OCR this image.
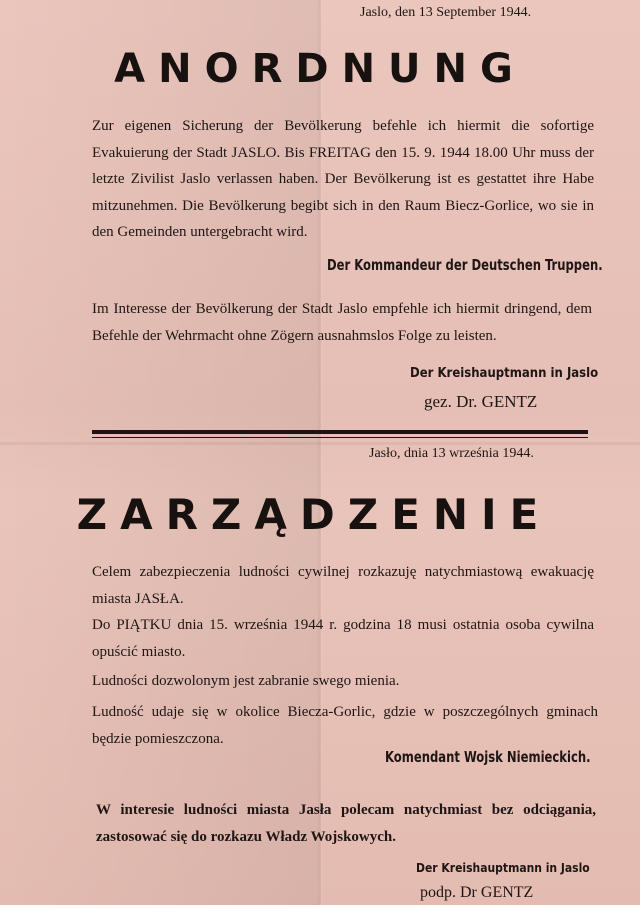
Jaslo, den 13 September 1944.
ANORDNUNG
Zur eigenen Sicherung der Bevölkerung befehle ich hiermit die sofortige Evakuierung der Stadt JASLO. Bis FREITAG den 15. 9. 1944 18.00 Uhr muss der letzte Zivilist Jaslo verlassen haben. Der Bevölkerung ist es gestattet ihre Habe mitzunehmen. Die Bevölkerung begibt sich in den Raum Biecz-Gorlice, wo sie in den Gemeinden untergebracht wird.
Der Kommandeur der Deutschen Truppen.
Im Interesse der Bevölkerung der Stadt Jaslo empfehle ich hiermit dringend, dem Befehle der Wehrmacht ohne Zögern ausnahmslos Folge zu leisten.
Der Kreishauptmann in Jaslo
gez. Dr. GENTZ
Jasło, dnia 13 września 1944.
ZARZĄDZENIE
Celem zabezpieczenia ludności cywilnej rozkazuję natychmiastową ewakuację miasta JASŁA.
Do PIĄTKU dnia 15. września 1944 r. godzina 18 musi ostatnia osoba cywilna opuścić miasto.
Ludności dozwolonym jest zabranie swego mienia.
Ludność udaje się w okolice Biecza-Gorlic, gdzie w poszczególnych gminach będzie pomieszczona.
Komendant Wojsk Niemieckich.
W interesie ludności miasta Jasła polecam natychmiast bez odciągania, zastosować się do rozkazu Władz Wojskowych.
Der Kreishauptmann in Jaslo
podp. Dr GENTZ
